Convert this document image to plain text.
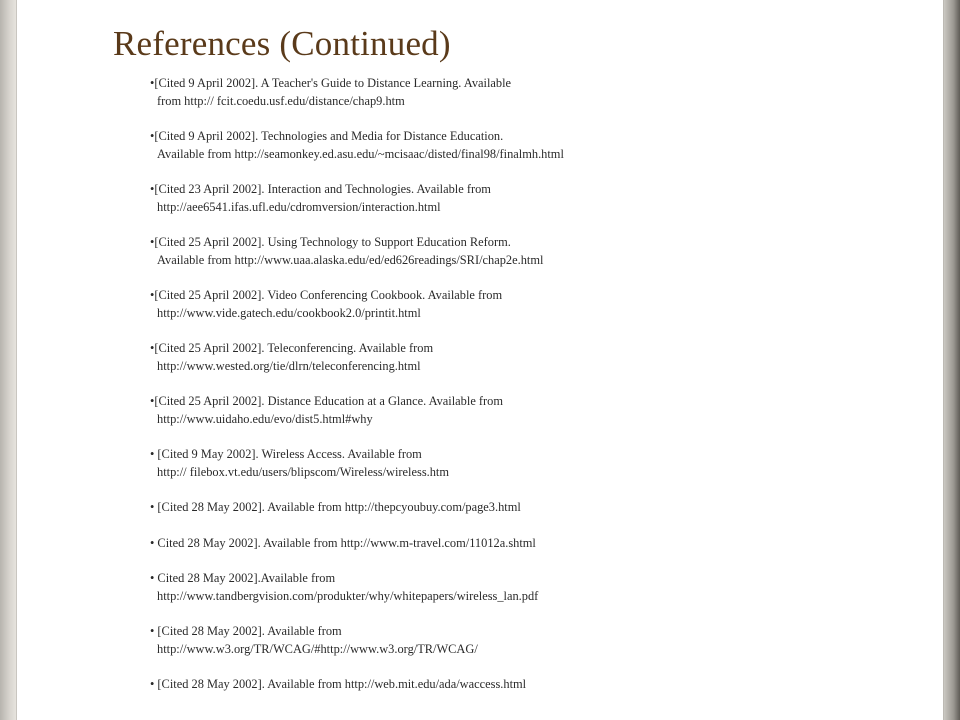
References (Continued)
•[Cited 9 April 2002]. A Teacher's Guide to Distance Learning. Available
from http:// fcit.coedu.usf.edu/distance/chap9.htm
•[Cited 9 April 2002]. Technologies and Media for Distance Education.
Available from http://seamonkey.ed.asu.edu/~mcisaac/disted/final98/finalmh.html
•[Cited 23 April 2002]. Interaction and Technologies. Available from
http://aee6541.ifas.ufl.edu/cdromversion/interaction.html
•[Cited 25 April 2002]. Using Technology to Support Education Reform.
Available from http://www.uaa.alaska.edu/ed/ed626readings/SRI/chap2e.html
•[Cited 25 April 2002]. Video Conferencing Cookbook. Available from
http://www.vide.gatech.edu/cookbook2.0/printit.html
•[Cited 25 April 2002]. Teleconferencing. Available from
http://www.wested.org/tie/dlrn/teleconferencing.html
•[Cited 25 April 2002]. Distance Education at a Glance. Available from
http://www.uidaho.edu/evo/dist5.html#why
• [Cited 9 May 2002]. Wireless Access. Available from
http:// filebox.vt.edu/users/blipscom/Wireless/wireless.htm
• [Cited 28 May 2002]. Available from http://thepcyoubuy.com/page3.html
• Cited 28 May 2002]. Available from http://www.m-travel.com/11012a.shtml
• Cited 28 May 2002].Available from
http://www.tandbergvision.com/produkter/why/whitepapers/wireless_lan.pdf
• [Cited 28 May 2002]. Available from
http://www.w3.org/TR/WCAG/#http://www.w3.org/TR/WCAG/
• [Cited 28 May 2002]. Available from http://web.mit.edu/ada/waccess.html
